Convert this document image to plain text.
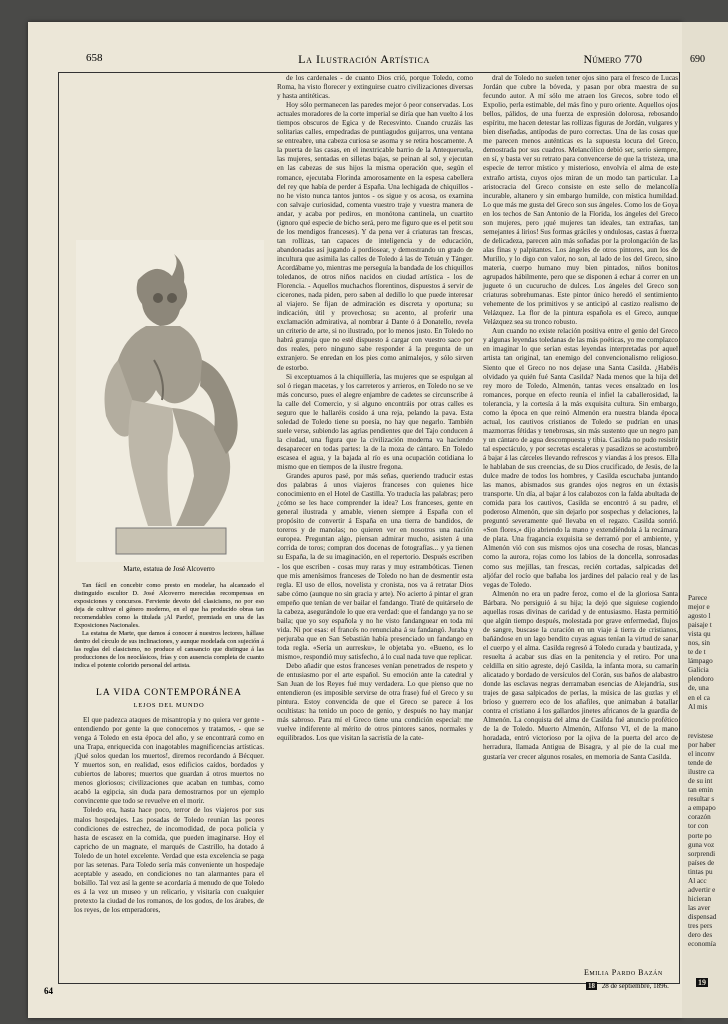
658	La Ilustración Artística	Número 770	690
Parece
mejor e
agosto l
paisaje t
vista qu
nos, sin
te de t
lámpago
Galicia
plendoro
de, una
en el ca
Al mis
revistese
por haber
el inconv
tende de
ilustre ca
de su int
tan emin
resultar s
a empapo
corazón
tor con
porte po
guna voz
sorprendi
países de
tintas pu
Al acc
advertir e
hicieran
las aver
dispensad
tres pers
dero des
economía
19
Marte, estatua de José Alcoverro

Tan fácil en concebir como presto en modelar, ha alcanzado el distinguido escultor D. José Alcoverro merecidas recompensas en exposiciones y concursos. Ferviente devoto del clasicismo, no por eso deja de cultivar el género moderno, en el que ha producido obras tan recomendables como la titulada ¡Al Pardo!, premiada en una de las Exposiciones Nacionales.

La estatua de Marte, que damos á conocer á nuestros lectores, hállase dentro del círculo de sus inclinaciones, y aunque modelada con sujeción á las reglas del clasicismo, no produce el cansancio que distingue á las producciones de los neoclásicos, frías y con ausencia completa de cuanto indica el potente colorido personal del artista.

LA VIDA CONTEMPORÁNEA
LEJOS DEL MUNDO

El que padezca ataques de misantropía y no quiera ver gente - entendiendo por gente la que conocemos y tratamos, - que se venga á Toledo en esta época del año, y se encontrará como en una Trapa, enriquecida con inagotables magnificencias artísticas. ¡Qué solos quedan los muertos!, diremos recordando á Bécquer. Y muertos son, en realidad, esos edificios caídos, bordados y cubiertos de labores; muertos que guardan á otros muertos no menos gloriosos; civilizaciones que acaban en tumbas, como acabó la egipcia, sin duda para demostrarnos por un ejemplo convincente que todo se revuelve en el morir.

Toledo era, hasta hace poco, terror de los viajeros por sus malos hospedajes. Las posadas de Toledo reunían las peores condiciones de estrechez, de incomodidad, de poca policía y hasta de escasez en la comida, que pueden imaginarse. Hoy el capricho de un magnate, el marqués de Castrillo, ha dotado á Toledo de un hotel excelente. Verdad que esta excelencia se paga por las setenas. Para Toledo sería más conveniente un hospedaje aceptable y aseado, en condiciones no tan alarmantes para el bolsillo. Tal vez así la gente se acordaría á menudo de que Toledo es á la vez un museo y un relicario, y visitaría con cualquier pretexto la ciudad de los romanos, de los godos, de los árabes, de los reyes, de los emperadores,

de los cardenales - de cuanto Dios crió, porque Toledo, como Roma, ha visto florecer y extinguirse cuatro civilizaciones diversas y hasta antitéticas.

Hoy sólo permanecen las paredes mejor ó peor conservadas. Los actuales moradores de la corte imperial se diría que han vuelto á los tiempos obscuros de Egica y de Recesvinto. Cuando cruzáis las solitarias calles, empedradas de puntiagudos guijarros, una ventana se entreabre, una cabeza curiosa se asoma y se retira hoscamente. A la puerta de las casas, en el inextricable barrio de la Antequeruela, las mujeres, sentadas en silletas bajas, se peinan al sol, y ejecutan en las cabezas de sus hijos la misma operación que, según el romance, ejecutaba Florinda amorosamente en la espesa cabellera del rey que había de perder á España. Una lechigada de chiquillos - no he visto nunca tantos juntos - os sigue y os acosa, os examina con salvaje curiosidad, comenta vuestro traje y vuestra manera de andar, y acaba por pediros, en monótona cantinela, un cuartito (ignoro qué especie de bicho será, pero me figuro que es el petit sou de los mendigos franceses). Y da pena ver á criaturas tan frescas, tan rollizas, tan capaces de inteligencia y de educación, abandonadas así jugando á pordiosear, y demostrando un grado de incultura que asimila las calles de Toledo á las de Tetuán y Tánger. Acordábame yo, mientras me perseguía la bandada de los chiquillos toledanos, de otros niños nacidos en ciudad artística - los de Florencia. - Aquellos muchachos florentinos, dispuestos á servir de cicerones, nada piden, pero saben al dedillo lo que puede interesar al viajero. Se fijan de admiración es discreta y oportuna; su indicación, útil y provechosa; su acento, al proferir una exclamación admirativa, al nombrar á Dante ó á Donatello, revela un criterio de arte, si no ilustrado, por lo menos justo. En Toledo no habrá granuja que no esté dispuesto á cargar con vuestro saco por dos reales, pero ninguno sabe responder á la pregunta de un extranjero. Se enredan en los pies como animalejos, y sólo sirven de estorbo.

Si exceptuamos á la chiquillería, las mujeres que se espulgan al sol ó riegan macetas, y los carreteros y arrieros, en Toledo no se ve más concurso, pues el alegre enjambre de cadetes se circunscribe á la calle del Comercio, y si alguno encontráis por otras calles es seguro que le hallaréis cosido á una reja, pelando la pava. Esta soledad de Toledo tiene su poesía, no hay que negarlo. También suele verse, subiendo las agrias pendientes que del Tajo conducen á la ciudad, una figura que la civilización moderna va haciendo desaparecer en todas partes: la de la moza de cántaro. En Toledo escasea el agua, y la bajada al río es una ocupación cotidiana lo mismo que en tiempos de la ilustre fregona.

Grandes apuros pasé, por más señas, queriendo traducir estas dos palabras á unos viajeros franceses con quienes hice conocimiento en el Hotel de Castilla. Yo traducía las palabras; pero ¿cómo se les hace comprender la idea? Los franceses, gente en general ilustrada y amable, vienen siempre á España con el propósito de convertir á España en una tierra de bandidos, de toreros y de manolas; no quieren ver en nosotros una nación europea. Preguntan algo, piensan admirar mucho, asisten á una corrida de toros; compran dos docenas de fotografías... y ya tienen su España, la de su imaginación, en el repertorio. Después escriben - los que escriben - cosas muy raras y muy estrambóticas. Tienen que mis amenísimos franceses de Toledo no han de desmentir esta regla. El uso de ellos, novelista y cronista, nos va á retratar Dios sabe cómo (aunque no sin gracia y arte). No acierto á pintar el gran empeño que tenían de ver bailar el fandango. Traté de quitárselo de la cabeza, asegurándole lo que era verdad: que el fandango ya no se baila; que yo soy española y no he visto fandanguear en toda mi vida. Ni por esas: el francés no renunciaba á su fandangó. Juraba y perjuraba que en San Sebastián había presenciado un fandango en toda regla. «Sería un aurresku», le objetaba yo. «Bueno, es lo mismo», respondió muy satisfecho, á lo cual nada tuve que replicar.

Debo añadir que estos franceses venían penetrados de respeto y de entusiasmo por el arte español. Su emoción ante la catedral y San Juan de los Reyes fué muy verdadera. Lo que pienso que no entendieron (es imposible servirse de otra frase) fué el Greco y su pintura. Estoy convencida de que el Greco se parece á los ocultistas: ha tenido un poco de genio, y después no hay manjar más sabroso. Para mí el Greco tiene una condición especial: me vuelve indiferente al mérito de otros pintores sanos, normales y equilibrados. Los que visitan la sacristía de la cate-

dral de Toledo no suelen tener ojos sino para el fresco de Lucas Jordán que cubre la bóveda, y pasan por obra maestra de su fecundo autor. A mí sólo me atraen los Grecos, sobre todo el Expolio, perla estimable, del más fino y puro oriente. Aquellos ojos bellos, pálidos, de una fuerza de expresión dolorosa, rebosando espíritu, me hacen detestar las rollizas figuras de Jordán, vulgares y bien diseñadas, antípodas de puro correctas. Una de las cosas que me parecen menos auténticas es la supuesta locura del Greco, demostrada por sus cuadros. Melancólico debió ser, serio siempre, en sí, y basta ver su retrato para convencerse de que la tristeza, una especie de terror místico y misterioso, envolvía el alma de este extraño artista, cuyos ojos miran de un modo tan particular. La aristocracia del Greco consiste en este sello de melancolía incurable, altanero y sin embargo humilde, con mística humildad. Lo que más me gusta del Greco son sus ángeles. Como los de Goya en los techos de San Antonio de la Florida, los ángeles del Greco son mujeres, pero ¡qué mujeres tan ideales, tan extrañas, tan semejantes á lirios! Sus formas gráciles y ondulosas, castas á fuerza de delicadeza, parecen aún más soñadas por la prolongación de las alas finas y palpitantes. Los ángeles de otros pintores, aun los de Murillo, y lo digo con valor, no son, al lado de los del Greco, sino materia, cuerpo humano muy bien pintados, niños bonitos agrupados hábilmente, pero que se disponen á echar á correr en un juguete ó un cucurucho de dulces. Los ángeles del Greco son criaturas sobrehumanas. Este pintor único heredó el sentimiento vehemente de los primitivos y se anticipó al castizo realismo de Velázquez. La flor de la pintura española es el Greco, aunque Velázquez sea su tronco robusto.

Aun cuando no existe relación positiva entre el genio del Greco y algunas leyendas toledanas de las más poéticas, yo me complazco en imaginar lo que serían estas leyendas interpretadas por aquel artista tan original, tan enemigo del convencionalismo religioso. Siento que el Greco no nos dejase una Santa Casilda. ¿Habéis olvidado ya quién fué Santa Casilda? Nada menos que la hija del rey moro de Toledo, Almenón, tantas veces ensalzado en los romances, porque en efecto reunía el infiel la caballerosidad, la tolerancia, y la cortesía á la más exquisita cultura. Sin embargo, como la época en que reinó Almenón era nuestra blanda época actual, los cautivos cristianos de Toledo se pudrían en unas mazmorras fétidas y tenebrosas, sin más sustento que un negro pan y un cántaro de agua descompuesta y tibia. Casilda no pudo resistir tal espectáculo, y por secretas escaleras y pasadizos se acostumbró á bajar á las cárceles llevando refrescos y viandas á los presos. Ella le hablaban de sus creencias, de su Dios crucificado, de Jesús, de la dulce madre de todos los hombres, y Casilda escuchaba juntando las manos, abismados sus grandes ojos negros en un éxtasis transporte. Un día, al bajar á los calabozos con la falda abultada de comida para los cautivos, Casilda se encontró á su padre, el poderoso Almenón, que sin dejarlo por sospechas y delaciones, la preguntó severamente qué llevaba en el regazo. Casilda sonrió. «Son flores,» dijo abriendo la mano y extendiéndola á la recámara de plata. Una fragancia exquisita se derramó por el ambiente, y Almenón vió con sus mismos ojos una cosecha de rosas, blancas como la aurora, rojas como los labios de la doncella, sonrosadas como sus mejillas, tan frescas, recién cortadas, salpicadas del aljófar del rocío que bañaba los jardines del palacio real y de las vegas de Toledo.

Almenón no era un padre feroz, como el de la gloriosa Santa Bárbara. No persiguió á su hija; la dejó que siguiese cogiendo aquellas rosas divinas de caridad y de entusiasmo. Hasta permitió que algún tiempo después, molestada por grave enfermedad, flujos de sangre, buscase la curación en un viaje á tierra de cristianos, bañándose en un lago bendito cuyas aguas tenían la virtud de sanar el cuerpo y el alma. Casilda regresó á Toledo curada y bautizada, y resuelta á acabar sus días en la penitencia y el retiro. Por una celdilla en sitio agreste, dejó Casilda, la infanta mora, su camarín alicatado y bordado de versículos del Corán, sus baños de alabastro donde las esclavas negras derramaban esencias de Alejandría, sus trajes de gasa salpicados de perlas, la música de las guzlas y el bríoso y guerrero eco de los añafiles, que animaban á batallar contra el cristiano á los gallardos jinetes africanos de la guardia de Almenón. La conquista del alma de Casilda fué anuncio profético de la de Toledo. Muerto Almenón, Alfonso VI, el de la mano horadada, entró victorioso por la ojiva de la puerta del arco de herradura, llamada Antigua de Bisagra, y al pie de la cual me gustaría ver crecer algunos rosales, en memoria de Santa Casilda.

Emilia Pardo Bazán
64	18 28 de septiembre, 1896.
